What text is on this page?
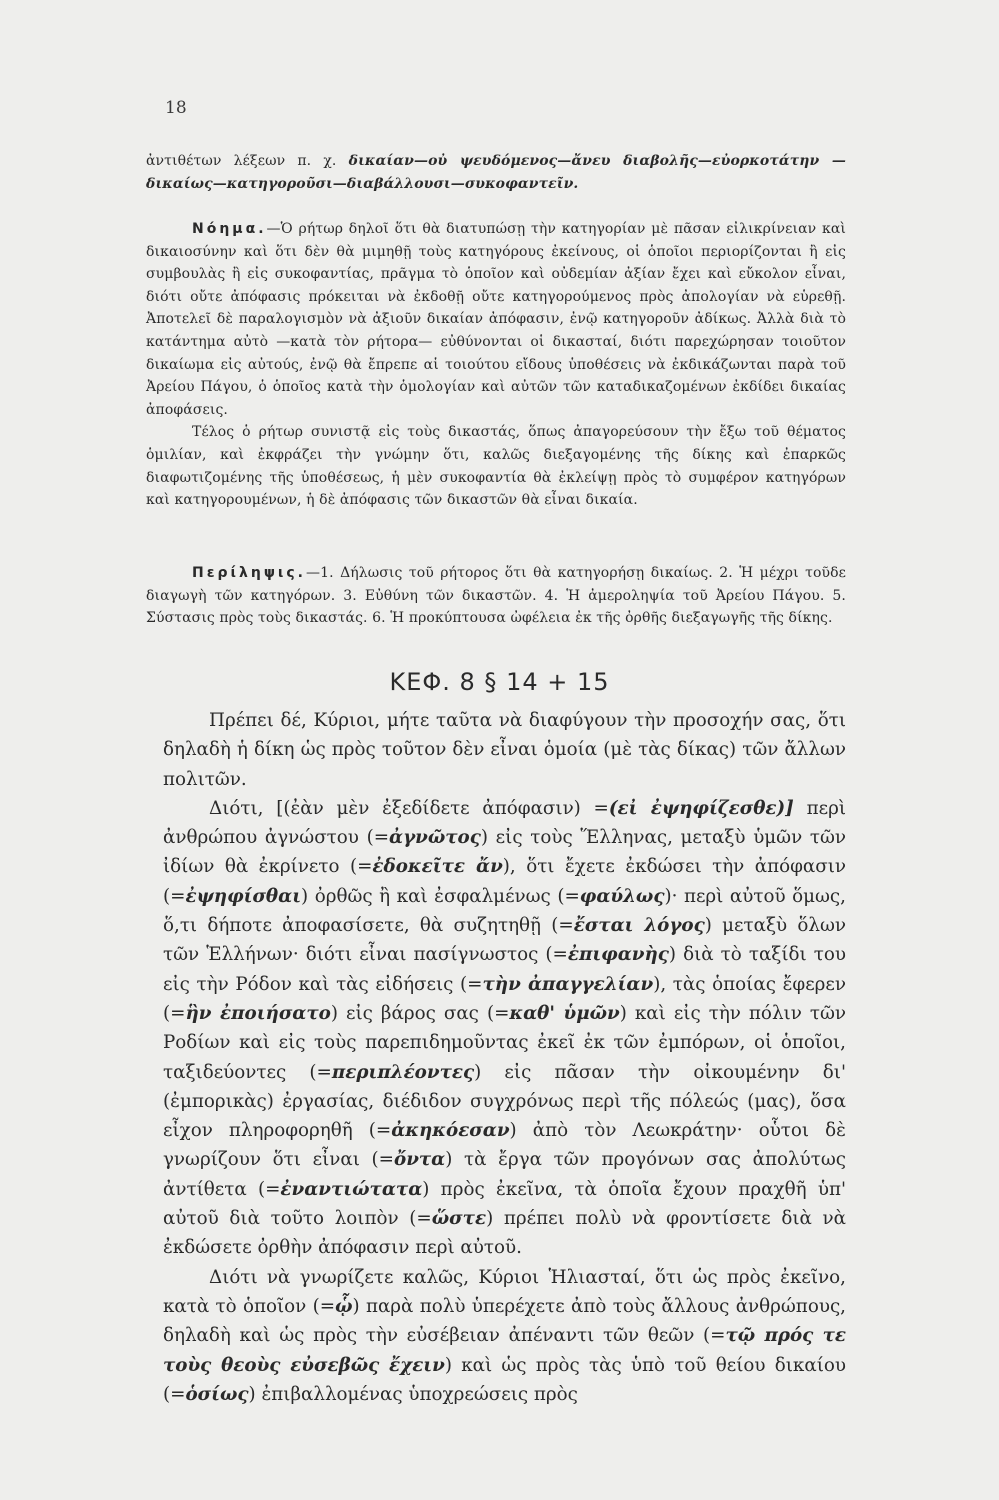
18

ἀντιθέτων λέξεων π. χ. δικαίαν—οὐ ψευδόμενος—ἄνευ διαβολῆς—εὐορκοτάτην —δικαίως—κατηγοροῦσι—διαβάλλουσι—συκοφαντεῖν.

Νόημα.—Ὁ ρήτωρ δηλοῖ ὅτι θὰ διατυπώσῃ τὴν κατηγορίαν μὲ πᾶσαν εἰλικρίνειαν καὶ δικαιοσύνην καὶ ὅτι δὲν θὰ μιμηθῇ τοὺς κατηγόρους ἐκείνους, οἱ ὁποῖοι περιορίζονται ἢ εἰς συμβουλὰς ἢ εἰς συκοφαντίας, πρᾶγμα τὸ ὁποῖον καὶ οὐδεμίαν ἀξίαν ἔχει καὶ εὔκολον εἶναι, διότι οὔτε ἀπόφασις πρόκειται νὰ ἐκδοθῇ οὔτε κατηγορούμενος πρὸς ἀπολογίαν νὰ εὑρεθῇ. Ἀποτελεῖ δὲ παραλογισμὸν νὰ ἀξιοῦν δικαίαν ἀπόφασιν, ἐνῷ κατηγοροῦν ἀδίκως. Ἀλλὰ διὰ τὸ κατάντημα αὐτὸ —κατὰ τὸν ρήτορα— εὐθύνονται οἱ δικασταί, διότι παρεχώρησαν τοιοῦτον δικαίωμα εἰς αὐτούς, ἐνῷ θὰ ἔπρεπε αἱ τοιούτου εἴδους ὑποθέσεις νὰ ἐκδικάζωνται παρὰ τοῦ Ἀρείου Πάγου, ὁ ὁποῖος κατὰ τὴν ὁμολογίαν καὶ αὐτῶν τῶν καταδικαζομένων ἐκδίδει δικαίας ἀποφάσεις.

Τέλος ὁ ρήτωρ συνιστᾷ εἰς τοὺς δικαστάς, ὅπως ἀπαγορεύσουν τὴν ἔξω τοῦ θέματος ὁμιλίαν, καὶ ἐκφράζει τὴν γνώμην ὅτι, καλῶς διεξαγομένης τῆς δίκης καὶ ἐπαρκῶς διαφωτιζομένης τῆς ὑποθέσεως, ἡ μὲν συκοφαντία θὰ ἐκλείψῃ πρὸς τὸ συμφέρον κατηγόρων καὶ κατηγορουμένων, ἡ δὲ ἀπόφασις τῶν δικαστῶν θὰ εἶναι δικαία.

Περίληψις.—1. Δήλωσις τοῦ ρήτορος ὅτι θὰ κατηγορήσῃ δικαίως. 2. Ἡ μέχρι τοῦδε διαγωγὴ τῶν κατηγόρων. 3. Εὐθύνη τῶν δικαστῶν. 4. Ἡ ἀμεροληψία τοῦ Ἀρείου Πάγου. 5. Σύστασις πρὸς τοὺς δικαστάς. 6. Ἡ προκύπτουσα ὠφέλεια ἐκ τῆς ὀρθῆς διεξαγωγῆς τῆς δίκης.

ΚΕΦ. 8 § 14 + 15

Πρέπει δέ, Κύριοι, μήτε ταῦτα νὰ διαφύγουν τὴν προσοχήν σας, ὅτι δηλαδὴ ἡ δίκη ὡς πρὸς τοῦτον δὲν εἶναι ὁμοία (μὲ τὰς δίκας) τῶν ἄλλων πολιτῶν.

Διότι, [(ἐὰν μὲν ἐξεδίδετε ἀπόφασιν) =(εἰ ἐψηφίζεσθε)] περὶ ἀνθρώπου ἀγνώστου (=ἀγνῶτος) εἰς τοὺς Ἕλληνας, μεταξὺ ὑμῶν τῶν ἰδίων θὰ ἐκρίνετο (=ἐδοκεῖτε ἄν), ὅτι ἔχετε ἐκδώσει τὴν ἀπόφασιν (=ἐψηφίσθαι) ὀρθῶς ἢ καὶ ἐσφαλμένως (=φαύλως)· περὶ αὐτοῦ ὅμως, ὅ,τι δήποτε ἀποφασίσετε, θὰ συζητηθῇ (=ἔσται λόγος) μεταξὺ ὅλων τῶν Ἑλλήνων· διότι εἶναι πασίγνωστος (=ἐπιφανὴς) διὰ τὸ ταξίδι του εἰς τὴν Ρόδον καὶ τὰς εἰδήσεις (=τὴν ἀπαγγελίαν), τὰς ὁποίας ἔφερεν (=ἣν ἐποιήσατο) εἰς βάρος σας (=καθ' ὑμῶν) καὶ εἰς τὴν πόλιν τῶν Ροδίων καὶ εἰς τοὺς παρεπιδημοῦντας ἐκεῖ ἐκ τῶν ἐμπόρων, οἱ ὁποῖοι, ταξιδεύοντες (=περιπλέοντες) εἰς πᾶσαν τὴν οἰκουμένην δι' (ἐμπορικὰς) ἐργασίας, διέδιδον συγχρόνως περὶ τῆς πόλεώς (μας), ὅσα εἶχον πληροφορηθῆ (=ἀκηκόεσαν) ἀπὸ τὸν Λεωκράτην· οὗτοι δὲ γνωρίζουν ὅτι εἶναι (=ὄντα) τὰ ἔργα τῶν προγόνων σας ἀπολύτως ἀντίθετα (=ἐναντιώτατα) πρὸς ἐκεῖνα, τὰ ὁποῖα ἔχουν πραχθῆ ὑπ' αὐτοῦ διὰ τοῦτο λοιπὸν (=ὥστε) πρέπει πολὺ νὰ φροντίσετε διὰ νὰ ἐκδώσετε ὀρθὴν ἀπόφασιν περὶ αὐτοῦ.

Διότι νὰ γνωρίζετε καλῶς, Κύριοι Ἡλιασταί, ὅτι ὡς πρὸς ἐκεῖνο, κατὰ τὸ ὁποῖον (=ᾧ) παρὰ πολὺ ὑπερέχετε ἀπὸ τοὺς ἄλλους ἀνθρώπους, δηλαδὴ καὶ ὡς πρὸς τὴν εὐσέβειαν ἀπέναντι τῶν θεῶν (=τῷ πρός τε τοὺς θεοὺς εὐσεβῶς ἔχειν) καὶ ὡς πρὸς τὰς ὑπὸ τοῦ θείου δικαίου (=ὁσίως) ἐπιβαλλομένας ὑποχρεώσεις πρὸς
